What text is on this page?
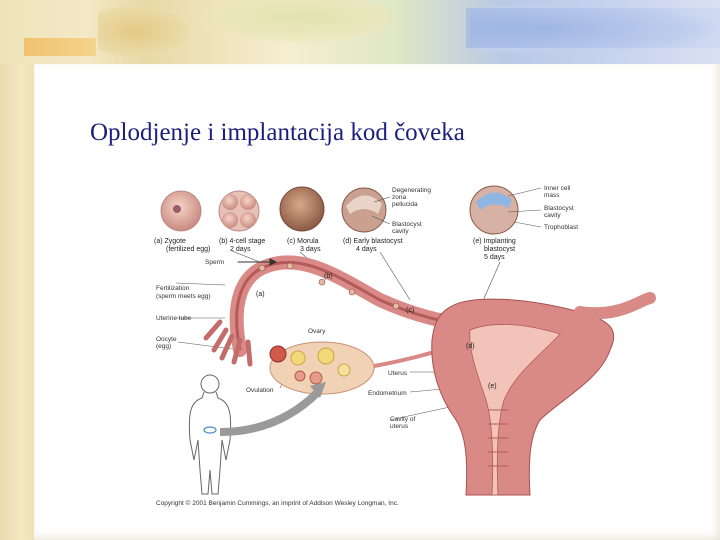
Oplodjenje i implantacija kod čoveka
(a) Zygote
(fertilized egg)
(b) 4-cell stage
2 days
(c) Morula
3 days
(d) Early blastocyst
4 days
(e) Implanting
blastocyst
5 days
Degenerating
zona
pellucida
Blastocyst
cavity
Inner cell
mass
Blastocyst
cavity
Trophoblast
Sperm
Fertilization
(sperm meets egg)
Uterine tube
Oocyte
(egg)
Ovary
Ovulation
Uterus
Endometrium
Cavity of
uterus
(a)
(b)
(c)
(d)
(e)
Copyright © 2001 Benjamin Cummings, an imprint of Addison Wesley Longman, Inc.
